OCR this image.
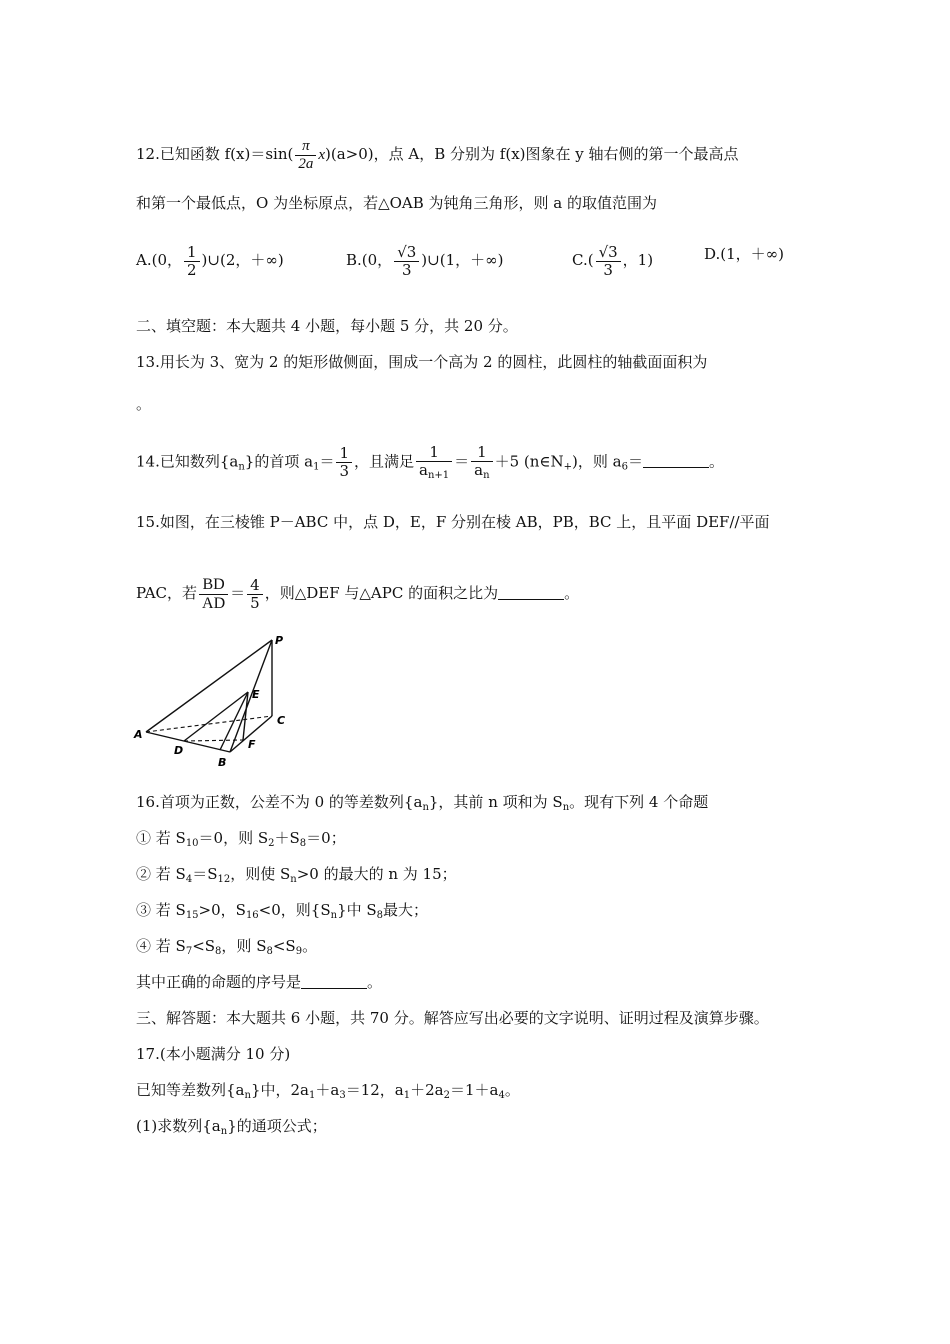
12.已知函数 $f(x)=\sin( \frac{\pi}{2a} x)(a>0)$，点 A，B 分别为 f(x)图象在 y 轴右侧的第一个最高点
和第一个最低点，O 为坐标原点，若△OAB 为钝角三角形，则 a 的取值范围为
A.(0， $\frac{1}{2}$ )∪(2，＋∞)	B.(0， $\frac{√3}{3}$ )∪(1，＋∞)	$C.( \frac{√3}{3}$ ，1)	D.(1，＋∞)
二、填空题：本大题共 4 小题，每小题 5 分，共 20 分。
13.用长为 3、宽为 2 的矩形做侧面，围成一个高为 2 的圆柱，此圆柱的轴截面面积为
。
14.已知数列$\{a_n\}$的首项 $a_1= \frac{1}{3}$ ，且满足 $\frac{1}{a_{n+1}} = \frac{1}{a_n} +5$ $(n\in N_+)$，则 $a_6=$	。
15.如图，在三棱锥 P－ABC 中，点 D，E，F 分别在棱 AB，PB，BC 上，且平面 DEF//平面
PAC，若 $\frac{BD}{AD} = \frac{4}{5}$ ，则△DEF 与△APC 的面积之比为	。
P
E
C
A
D	F
B
16.首项为正数，公差不为 0 的等差数列$\{a_n\}$，其前 n 项和为 $S_n$。现有下列 4 个命题
① 若 $S_{10}=0$，则 $S_2+S_8=0$；
② 若 $S_4=S_{12}$，则使 $S_n>0$ 的最大的 n 为 15；
③ 若 $S_{15}>0$，$S_{16}<0$，则$\{S_n\}$中 $S_8$最大；
④ 若 $S_7<S_8$，则 $S_8<S_9$。
其中正确的命题的序号是	。
三、解答题：本大题共 6 小题，共 70 分。解答应写出必要的文字说明、证明过程及演算步骤。
17.(本小题满分 10 分)
已知等差数列$\{a_n\}$中，$2a_1+a_3=12$，$a_1+2a_2=1+a_4$。
(1)求数列$\{a_n\}$的通项公式；
